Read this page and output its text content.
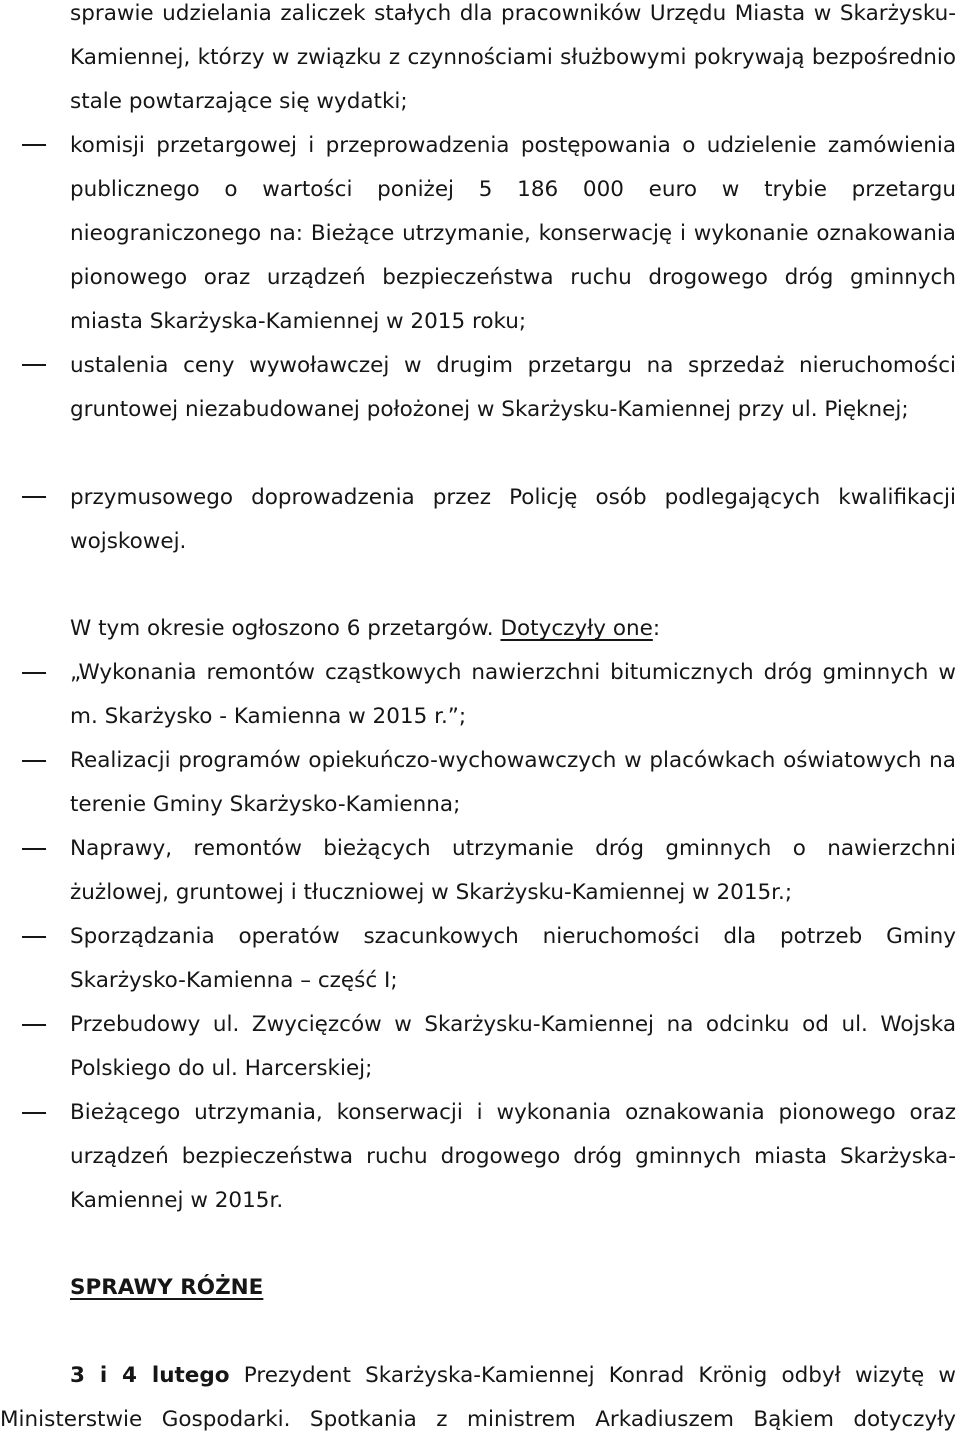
sprawie udzielania zaliczek stałych dla pracowników Urzędu Miasta w Skarżysku-Kamiennej, którzy w związku z czynnościami służbowymi pokrywają bezpośrednio stale powtarzające się wydatki;

komisji przetargowej i przeprowadzenia postępowania o udzielenie zamówienia publicznego o wartości poniżej 5 186 000 euro w trybie przetargu nieograniczonego na: Bieżące utrzymanie, konserwację i wykonanie oznakowania pionowego oraz urządzeń bezpieczeństwa ruchu drogowego dróg gminnych miasta Skarżyska-Kamiennej w 2015 roku;

ustalenia ceny wywoławczej w drugim przetargu na sprzedaż nieruchomości gruntowej niezabudowanej położonej w Skarżysku-Kamiennej przy ul. Pięknej;

przymusowego doprowadzenia przez Policję osób podlegających kwalifikacji wojskowej.

W tym okresie ogłoszono 6 przetargów. Dotyczyły one:

„Wykonania remontów cząstkowych nawierzchni bitumicznych dróg gminnych w m. Skarżysko - Kamienna w 2015 r.”;

Realizacji programów opiekuńczo-wychowawczych w placówkach oświatowych na terenie Gminy Skarżysko-Kamienna;

Naprawy, remontów bieżących utrzymanie dróg gminnych o nawierzchni żużlowej, gruntowej i tłuczniowej w Skarżysku-Kamiennej w 2015r.;

Sporządzania operatów szacunkowych nieruchomości dla potrzeb Gminy Skarżysko-Kamienna – część I;

Przebudowy ul. Zwycięzców w Skarżysku-Kamiennej na odcinku od ul. Wojska Polskiego do ul. Harcerskiej;

Bieżącego utrzymania, konserwacji i wykonania oznakowania pionowego oraz urządzeń bezpieczeństwa ruchu drogowego dróg gminnych miasta Skarżyska-Kamiennej w 2015r.

SPRAWY RÓŻNE

3 i 4 lutego Prezydent Skarżyska-Kamiennej Konrad Krönig odbył wizytę w
Ministerstwie Gospodarki. Spotkania z ministrem Arkadiuszem Bąkiem dotyczyły
